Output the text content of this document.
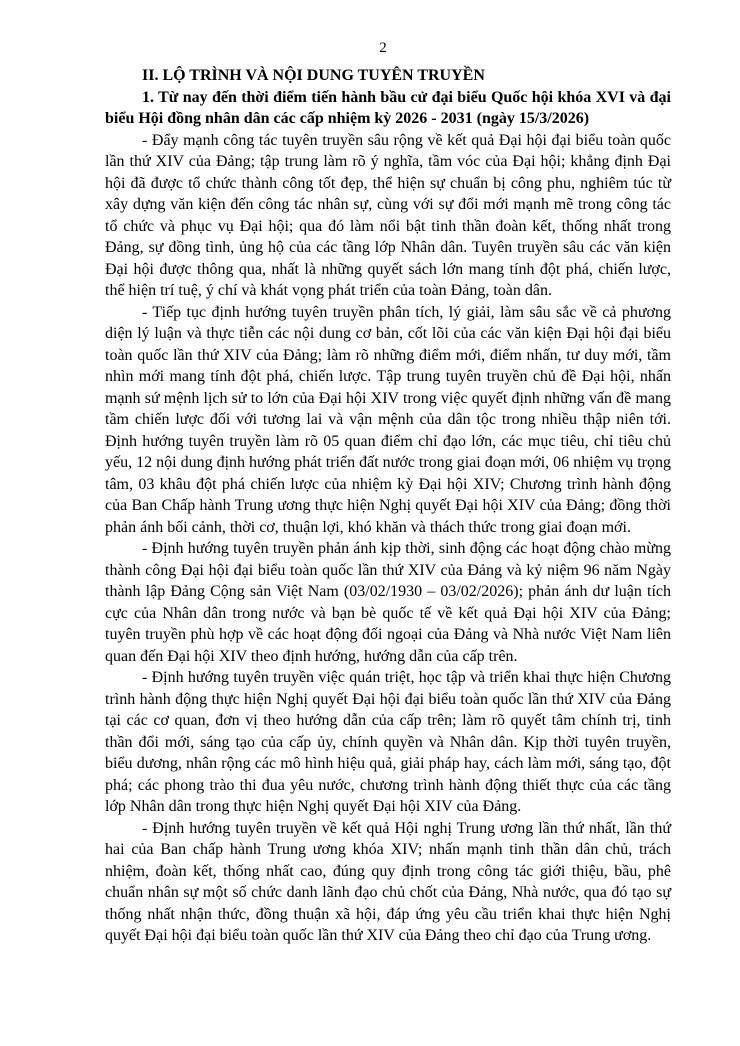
2

II. LỘ TRÌNH VÀ NỘI DUNG TUYÊN TRUYỀN

1. Từ nay đến thời điểm tiến hành bầu cử đại biểu Quốc hội khóa XVI và đại biểu Hội đồng nhân dân các cấp nhiệm kỳ 2026 - 2031 (ngày 15/3/2026)

- Đẩy mạnh công tác tuyên truyền sâu rộng về kết quả Đại hội đại biểu toàn quốc lần thứ XIV của Đảng; tập trung làm rõ ý nghĩa, tầm vóc của Đại hội; khẳng định Đại hội đã được tổ chức thành công tốt đẹp, thể hiện sự chuẩn bị công phu, nghiêm túc từ xây dựng văn kiện đến công tác nhân sự, cùng với sự đổi mới mạnh mẽ trong công tác tổ chức và phục vụ Đại hội; qua đó làm nổi bật tinh thần đoàn kết, thống nhất trong Đảng, sự đồng tình, ủng hộ của các tầng lớp Nhân dân. Tuyên truyền sâu các văn kiện Đại hội được thông qua, nhất là những quyết sách lớn mang tính đột phá, chiến lược, thể hiện trí tuệ, ý chí và khát vọng phát triển của toàn Đảng, toàn dân.

- Tiếp tục định hướng tuyên truyền phân tích, lý giải, làm sâu sắc về cả phương diện lý luận và thực tiễn các nội dung cơ bản, cốt lõi của các văn kiện Đại hội đại biểu toàn quốc lần thứ XIV của Đảng; làm rõ những điểm mới, điểm nhấn, tư duy mới, tầm nhìn mới mang tính đột phá, chiến lược. Tập trung tuyên truyền chủ đề Đại hội, nhấn mạnh sứ mệnh lịch sử to lớn của Đại hội XIV trong việc quyết định những vấn đề mang tầm chiến lược đối với tương lai và vận mệnh của dân tộc trong nhiều thập niên tới. Định hướng tuyên truyền làm rõ 05 quan điểm chỉ đạo lớn, các mục tiêu, chỉ tiêu chủ yếu, 12 nội dung định hướng phát triển đất nước trong giai đoạn mới, 06 nhiệm vụ trọng tâm, 03 khâu đột phá chiến lược của nhiệm kỳ Đại hội XIV; Chương trình hành động của Ban Chấp hành Trung ương thực hiện Nghị quyết Đại hội XIV của Đảng; đồng thời phản ánh bối cảnh, thời cơ, thuận lợi, khó khăn và thách thức trong giai đoạn mới.

- Định hướng tuyên truyền phản ánh kịp thời, sinh động các hoạt động chào mừng thành công Đại hội đại biểu toàn quốc lần thứ XIV của Đảng và kỷ niệm 96 năm Ngày thành lập Đảng Cộng sản Việt Nam (03/02/1930 – 03/02/2026); phản ánh dư luận tích cực của Nhân dân trong nước và bạn bè quốc tế về kết quả Đại hội XIV của Đảng; tuyên truyền phù hợp về các hoạt động đối ngoại của Đảng và Nhà nước Việt Nam liên quan đến Đại hội XIV theo định hướng, hướng dẫn của cấp trên.

- Định hướng tuyên truyền việc quán triệt, học tập và triển khai thực hiện Chương trình hành động thực hiện Nghị quyết Đại hội đại biểu toàn quốc lần thứ XIV của Đảng tại các cơ quan, đơn vị theo hướng dẫn của cấp trên; làm rõ quyết tâm chính trị, tinh thần đổi mới, sáng tạo của cấp ủy, chính quyền và Nhân dân. Kịp thời tuyên truyền, biểu dương, nhân rộng các mô hình hiệu quả, giải pháp hay, cách làm mới, sáng tạo, đột phá; các phong trào thi đua yêu nước, chương trình hành động thiết thực của các tầng lớp Nhân dân trong thực hiện Nghị quyết Đại hội XIV của Đảng.

- Định hướng tuyên truyền về kết quả Hội nghị Trung ương lần thứ nhất, lần thứ hai của Ban chấp hành Trung ương khóa XIV; nhấn mạnh tinh thần dân chủ, trách nhiệm, đoàn kết, thống nhất cao, đúng quy định trong công tác giới thiệu, bầu, phê chuẩn nhân sự một số chức danh lãnh đạo chủ chốt của Đảng, Nhà nước, qua đó tạo sự thống nhất nhận thức, đồng thuận xã hội, đáp ứng yêu cầu triển khai thực hiện Nghị quyết Đại hội đại biểu toàn quốc lần thứ XIV của Đảng theo chỉ đạo của Trung ương.
